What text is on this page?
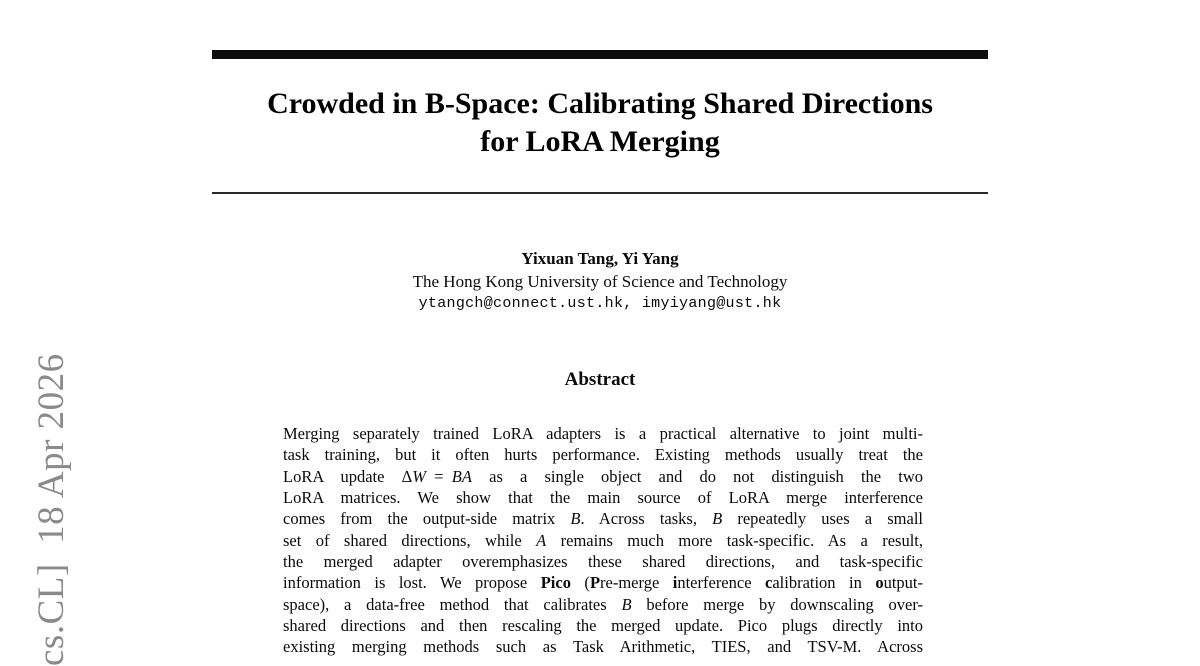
cs.CL]  18 Apr 2026
Crowded in B-Space: Calibrating Shared Directions
for LoRA Merging
Yixuan Tang, Yi Yang
The Hong Kong University of Science and Technology
ytangch@connect.ust.hk, imyiyang@ust.hk
Abstract
Merging separately trained LoRA adapters is a practical alternative to joint multi-
task training, but it often hurts performance. Existing methods usually treat the
LoRA update ΔW = BA as a single object and do not distinguish the two
LoRA matrices. We show that the main source of LoRA merge interference
comes from the output-side matrix B. Across tasks, B repeatedly uses a small
set of shared directions, while A remains much more task-specific. As a result,
the merged adapter overemphasizes these shared directions, and task-specific
information is lost. We propose Pico (Pre-merge interference calibration in output-
space), a data-free method that calibrates B before merge by downscaling over-
shared directions and then rescaling the merged update. Pico plugs directly into
existing merging methods such as Task Arithmetic, TIES, and TSV-M. Across
